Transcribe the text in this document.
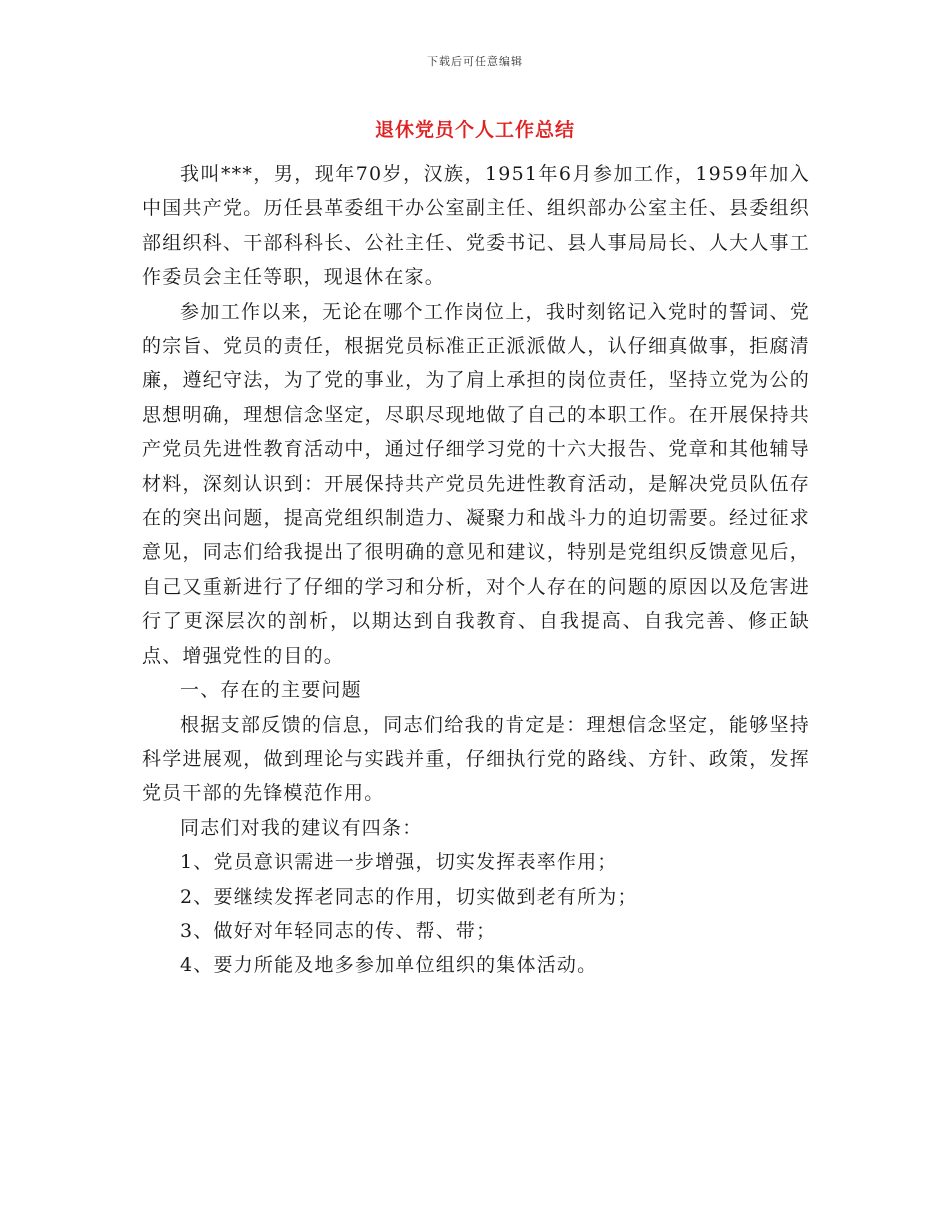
下载后可任意编辑
退休党员个人工作总结

我叫***，男，现年70岁，汉族，1951年6月参加工作，1959年加入中国共产党。历任县革委组干办公室副主任、组织部办公室主任、县委组织部组织科、干部科科长、公社主任、党委书记、县人事局局长、人大人事工作委员会主任等职，现退休在家。

参加工作以来，无论在哪个工作岗位上，我时刻铭记入党时的誓词、党的宗旨、党员的责任，根据党员标准正正派派做人，认仔细真做事，拒腐清廉，遵纪守法，为了党的事业，为了肩上承担的岗位责任，坚持立党为公的思想明确，理想信念坚定，尽职尽现地做了自己的本职工作。在开展保持共产党员先进性教育活动中，通过仔细学习党的十六大报告、党章和其他辅导材料，深刻认识到：开展保持共产党员先进性教育活动，是解决党员队伍存在的突出问题，提高党组织制造力、凝聚力和战斗力的迫切需要。经过征求意见，同志们给我提出了很明确的意见和建议，特别是党组织反馈意见后，自己又重新进行了仔细的学习和分析，对个人存在的问题的原因以及危害进行了更深层次的剖析，以期达到自我教育、自我提高、自我完善、修正缺点、增强党性的目的。

一、存在的主要问题

根据支部反馈的信息，同志们给我的肯定是：理想信念坚定，能够坚持科学进展观，做到理论与实践并重，仔细执行党的路线、方针、政策，发挥党员干部的先锋模范作用。

同志们对我的建议有四条：

1、党员意识需进一步增强，切实发挥表率作用；

2、要继续发挥老同志的作用，切实做到老有所为；

3、做好对年轻同志的传、帮、带；

4、要力所能及地多参加单位组织的集体活动。
